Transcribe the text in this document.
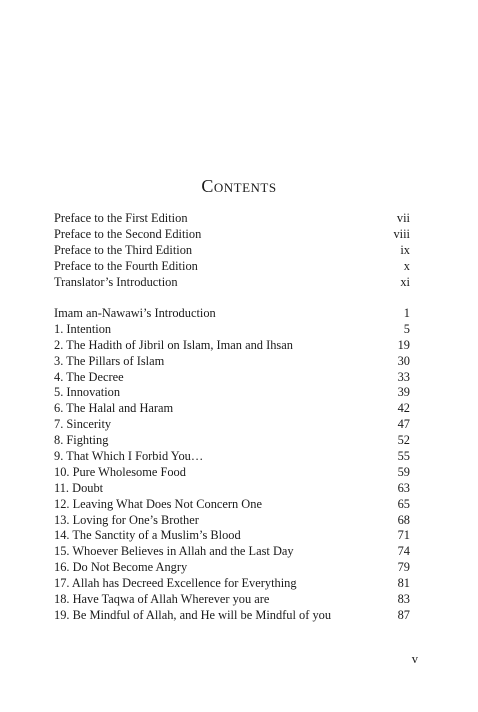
Contents
Preface to the First Edition	vii
Preface to the Second Edition	viii
Preface to the Third Edition	ix
Preface to the Fourth Edition	x
Translator’s Introduction	xi
Imam an-Nawawi’s Introduction	1
1. Intention	5
2. The Hadith of Jibril on Islam, Iman and Ihsan	19
3. The Pillars of Islam	30
4. The Decree	33
5. Innovation	39
6. The Halal and Haram	42
7. Sincerity	47
8. Fighting	52
9. That Which I Forbid You…	55
10. Pure Wholesome Food	59
11. Doubt	63
12. Leaving What Does Not Concern One	65
13. Loving for One’s Brother	68
14. The Sanctity of a Muslim’s Blood	71
15. Whoever Believes in Allah and the Last Day	74
16. Do Not Become Angry	79
17. Allah has Decreed Excellence for Everything	81
18. Have Taqwa of Allah Wherever you are	83
19. Be Mindful of Allah, and He will be Mindful of you	87
v
